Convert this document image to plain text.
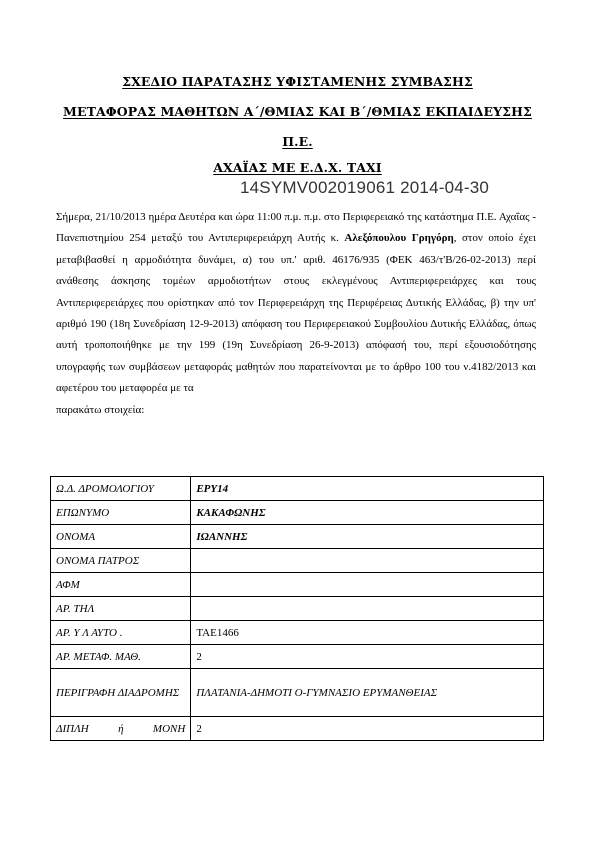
ΣΧΕΔΙΟ ΠΑΡΑΤΑΣΗΣ ΥΦΙΣΤΑΜΕΝΗΣ ΣΥΜΒΑΣΗΣ
ΜΕΤΑΦΟΡΑΣ ΜΑΘΗΤΩΝ Α΄/ΘΜΙΑΣ ΚΑΙ Β΄/ΘΜΙΑΣ ΕΚΠΑΙΔΕΥΣΗΣ
Π.Ε.
ΑΧΑΪΑΣ ΜΕ Ε.Δ.Χ. ΤΑΧΙ
14SYMV002019061 2014-04-30
Σήμερα, 21/10/2013 ημέρα Δευτέρα και ώρα 11:00 π.μ. π.μ. στο Περιφερειακό της κατάστημα Π.Ε. Αχαΐας - Πανεπιστημίου 254 μεταξύ του Αντιπεριφερειάρχη Αυτής κ. Αλεξόπουλου Γρηγόρη, στον οποίο έχει μεταβιβασθεί η αρμοδιότητα δυνάμει, α) του υπ.' αριθ. 46176/935 (ΦΕΚ 463/τ'Β/26-02-2013) περί ανάθεσης άσκησης τομέων αρμοδιοτήτων στους εκλεγμένους Αντιπεριφερειάρχες και τους Αντιπεριφερειάρχες που ορίστηκαν από τον Περιφερειάρχη της Περιφέρειας Δυτικής Ελλάδας, β) την υπ' αριθμό 190 (18η Συνεδρίαση 12-9-2013) απόφαση του Περιφερειακού Συμβουλίου Δυτικής Ελλάδας, όπως αυτή τροποποιήθηκε με την 199 (19η Συνεδρίαση 26-9-2013) απόφασή του, περί εξουσιοδότησης υπογραφής των συμβάσεων μεταφοράς μαθητών που παρατείνονται με το άρθρο 100 του ν.4182/2013 και αφετέρου του μεταφορέα με τα
παρακάτω στοιχεία:
Ω.Δ. ΔΡΟΜΟΛΟΓΙΟΥ	ΕΡΥ14
ΕΠΩΝΥΜΟ	ΚΑΚΑΦΩΝΗΣ
ΟΝΟΜΑ	ΙΩΑΝΝΗΣ
ΟΝΟΜΑ ΠΑΤΡΟΣ	
ΑΦΜ	
ΑΡ. ΤΗΛ	
ΑΡ. Υ Λ ΑΥΤΟ .	ΤΑΕ1466
ΑΡ. ΜΕΤΑΦ. ΜΑΘ.	2
ΠΕΡΙΓΡΑΦΗ ΔΙΑΔΡΟΜΗΣ	ΠΛΑΤΑΝΙΑ-ΔΗΜΟΤΙ Ο-ΓΥΜΝΑΣΙΟ ΕΡΥΜΑΝΘΕΙΑΣ
ΔΙΠΛΗ ή ΜΟΝΗ	2
